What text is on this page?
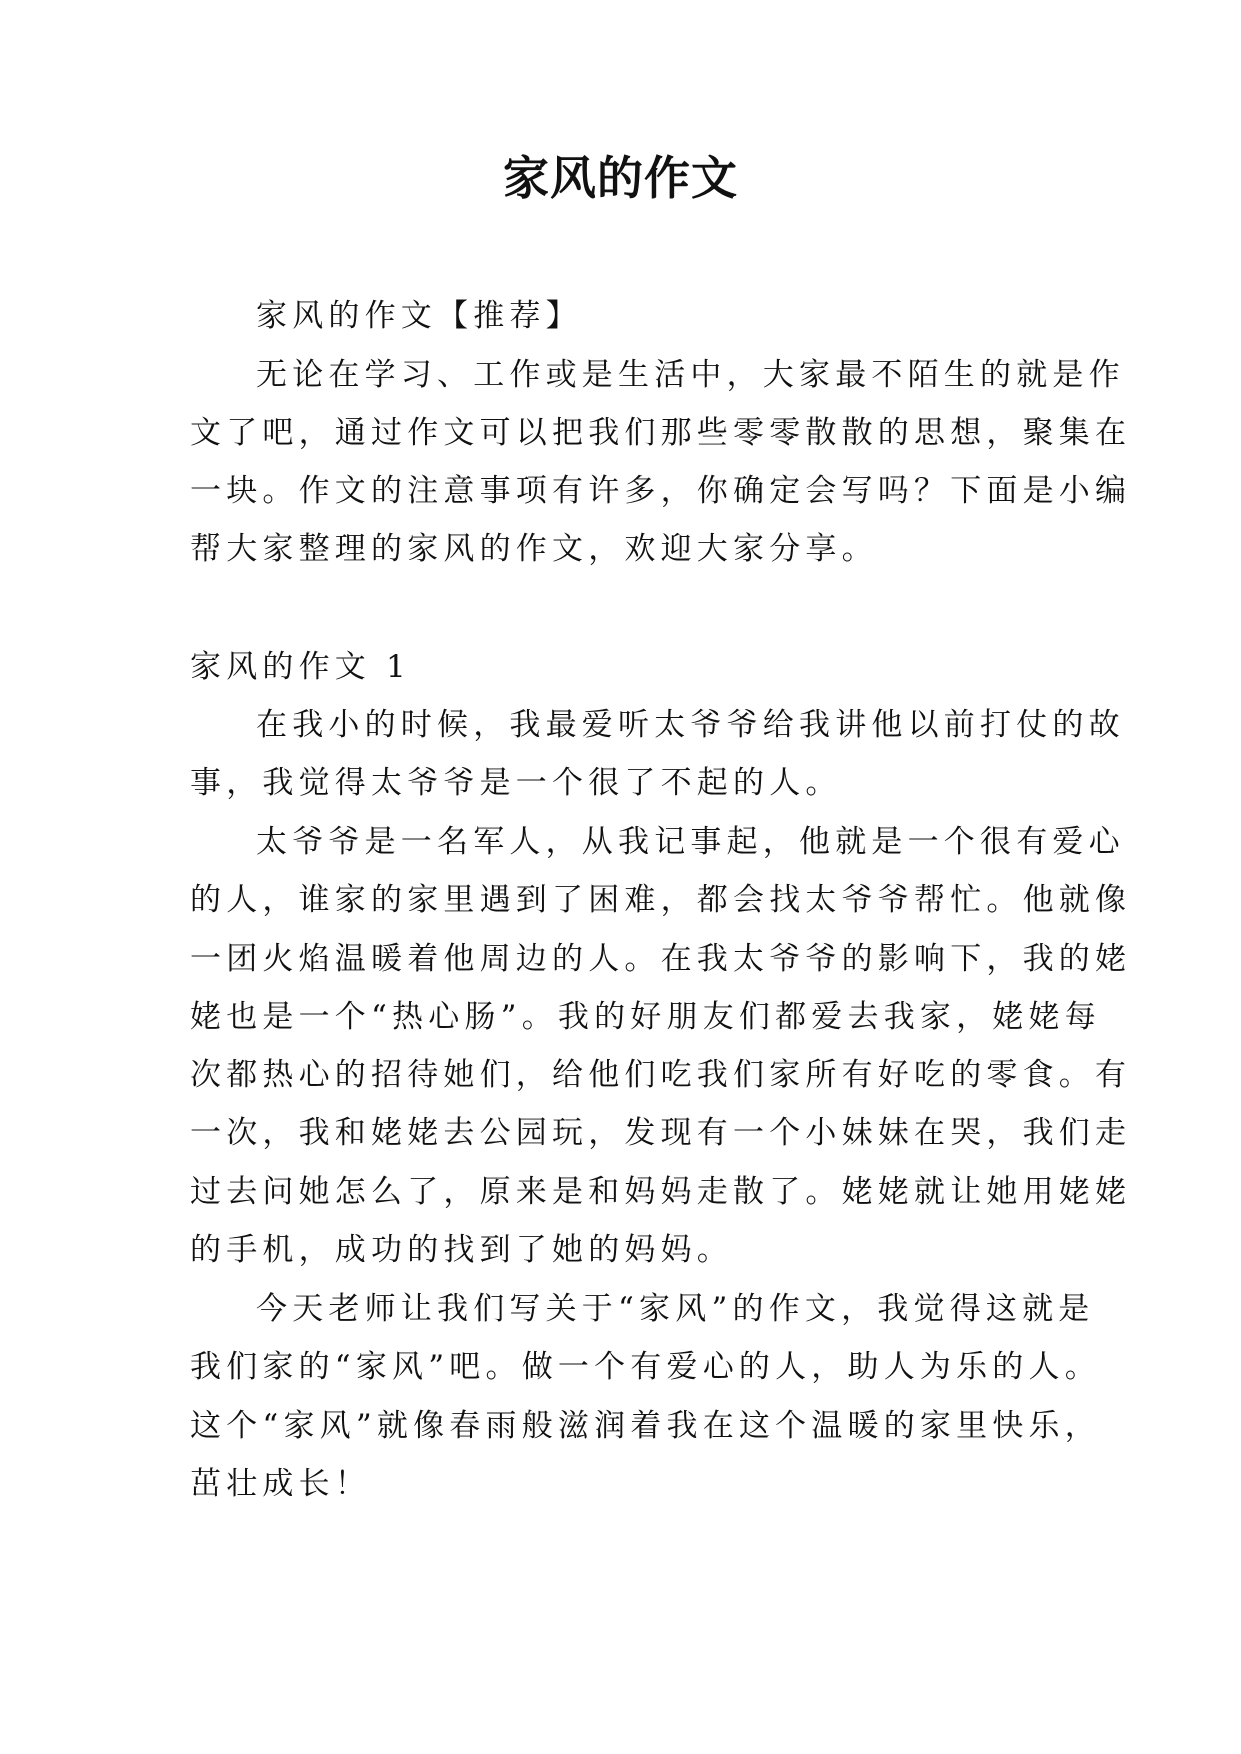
家风的作文
家风的作文【推荐】
无论在学习、工作或是生活中，大家最不陌生的就是作
文了吧，通过作文可以把我们那些零零散散的思想，聚集在
一块。作文的注意事项有许多，你确定会写吗？下面是小编
帮大家整理的家风的作文，欢迎大家分享。
家风的作文 1
在我小的时候，我最爱听太爷爷给我讲他以前打仗的故
事，我觉得太爷爷是一个很了不起的人。
太爷爷是一名军人，从我记事起，他就是一个很有爱心
的人，谁家的家里遇到了困难，都会找太爷爷帮忙。他就像
一团火焰温暖着他周边的人。在我太爷爷的影响下，我的姥
姥也是一个“热心肠”。我的好朋友们都爱去我家，姥姥每
次都热心的招待她们，给他们吃我们家所有好吃的零食。有
一次，我和姥姥去公园玩，发现有一个小妹妹在哭，我们走
过去问她怎么了，原来是和妈妈走散了。姥姥就让她用姥姥
的手机，成功的找到了她的妈妈。
今天老师让我们写关于“家风”的作文，我觉得这就是
我们家的“家风”吧。做一个有爱心的人，助人为乐的人。
这个“家风”就像春雨般滋润着我在这个温暖的家里快乐，
茁壮成长！
